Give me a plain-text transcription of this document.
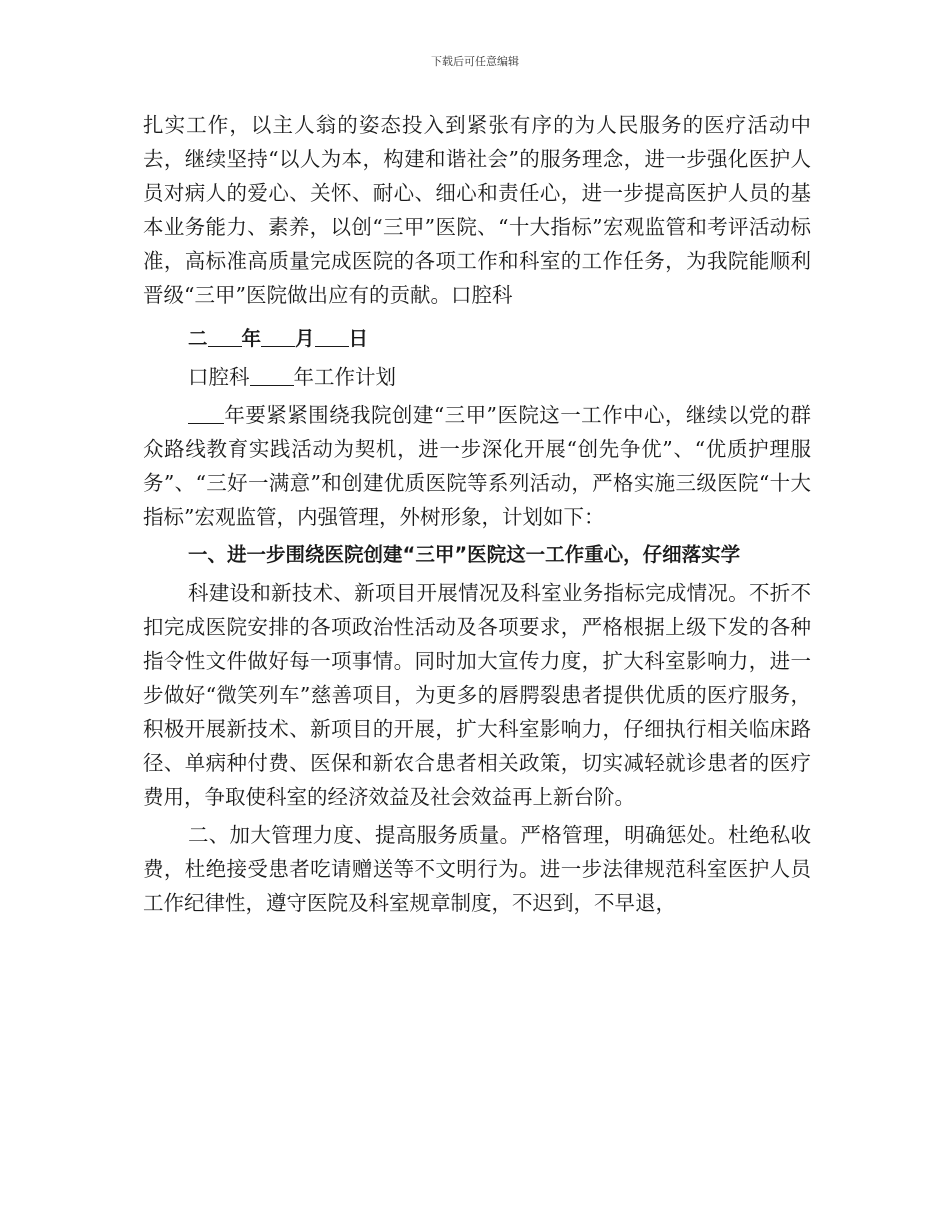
下载后可任意编辑

扎实工作，以主人翁的姿态投入到紧张有序的为人民服务的医疗活动中去，继续坚持“以人为本，构建和谐社会”的服务理念，进一步强化医护人员对病人的爱心、关怀、耐心、细心和责任心，进一步提高医护人员的基本业务能力、素养，以创“三甲”医院、“十大指标”宏观监管和考评活动标准，高标准高质量完成医院的各项工作和科室的工作任务，为我院能顺利晋级“三甲”医院做出应有的贡献。口腔科

二 年 月 日

口腔科 年工作计划

年要紧紧围绕我院创建“三甲”医院这一工作中心，继续以党的群众路线教育实践活动为契机，进一步深化开展“创先争优”、“优质护理服务”、“三好一满意”和创建优质医院等系列活动，严格实施三级医院“十大指标”宏观监管，内强管理，外树形象，计划如下：

一、进一步围绕医院创建“三甲”医院这一工作重心，仔细落实学

科建设和新技术、新项目开展情况及科室业务指标完成情况。不折不扣完成医院安排的各项政治性活动及各项要求，严格根据上级下发的各种指令性文件做好每一项事情。同时加大宣传力度，扩大科室影响力，进一步做好“微笑列车”慈善项目，为更多的唇腭裂患者提供优质的医疗服务，积极开展新技术、新项目的开展，扩大科室影响力，仔细执行相关临床路径、单病种付费、医保和新农合患者相关政策，切实减轻就诊患者的医疗费用，争取使科室的经济效益及社会效益再上新台阶。

二、加大管理力度、提高服务质量。严格管理，明确惩处。杜绝私收费，杜绝接受患者吃请赠送等不文明行为。进一步法律规范科室医护人员工作纪律性，遵守医院及科室规章制度，不迟到，不早退，
